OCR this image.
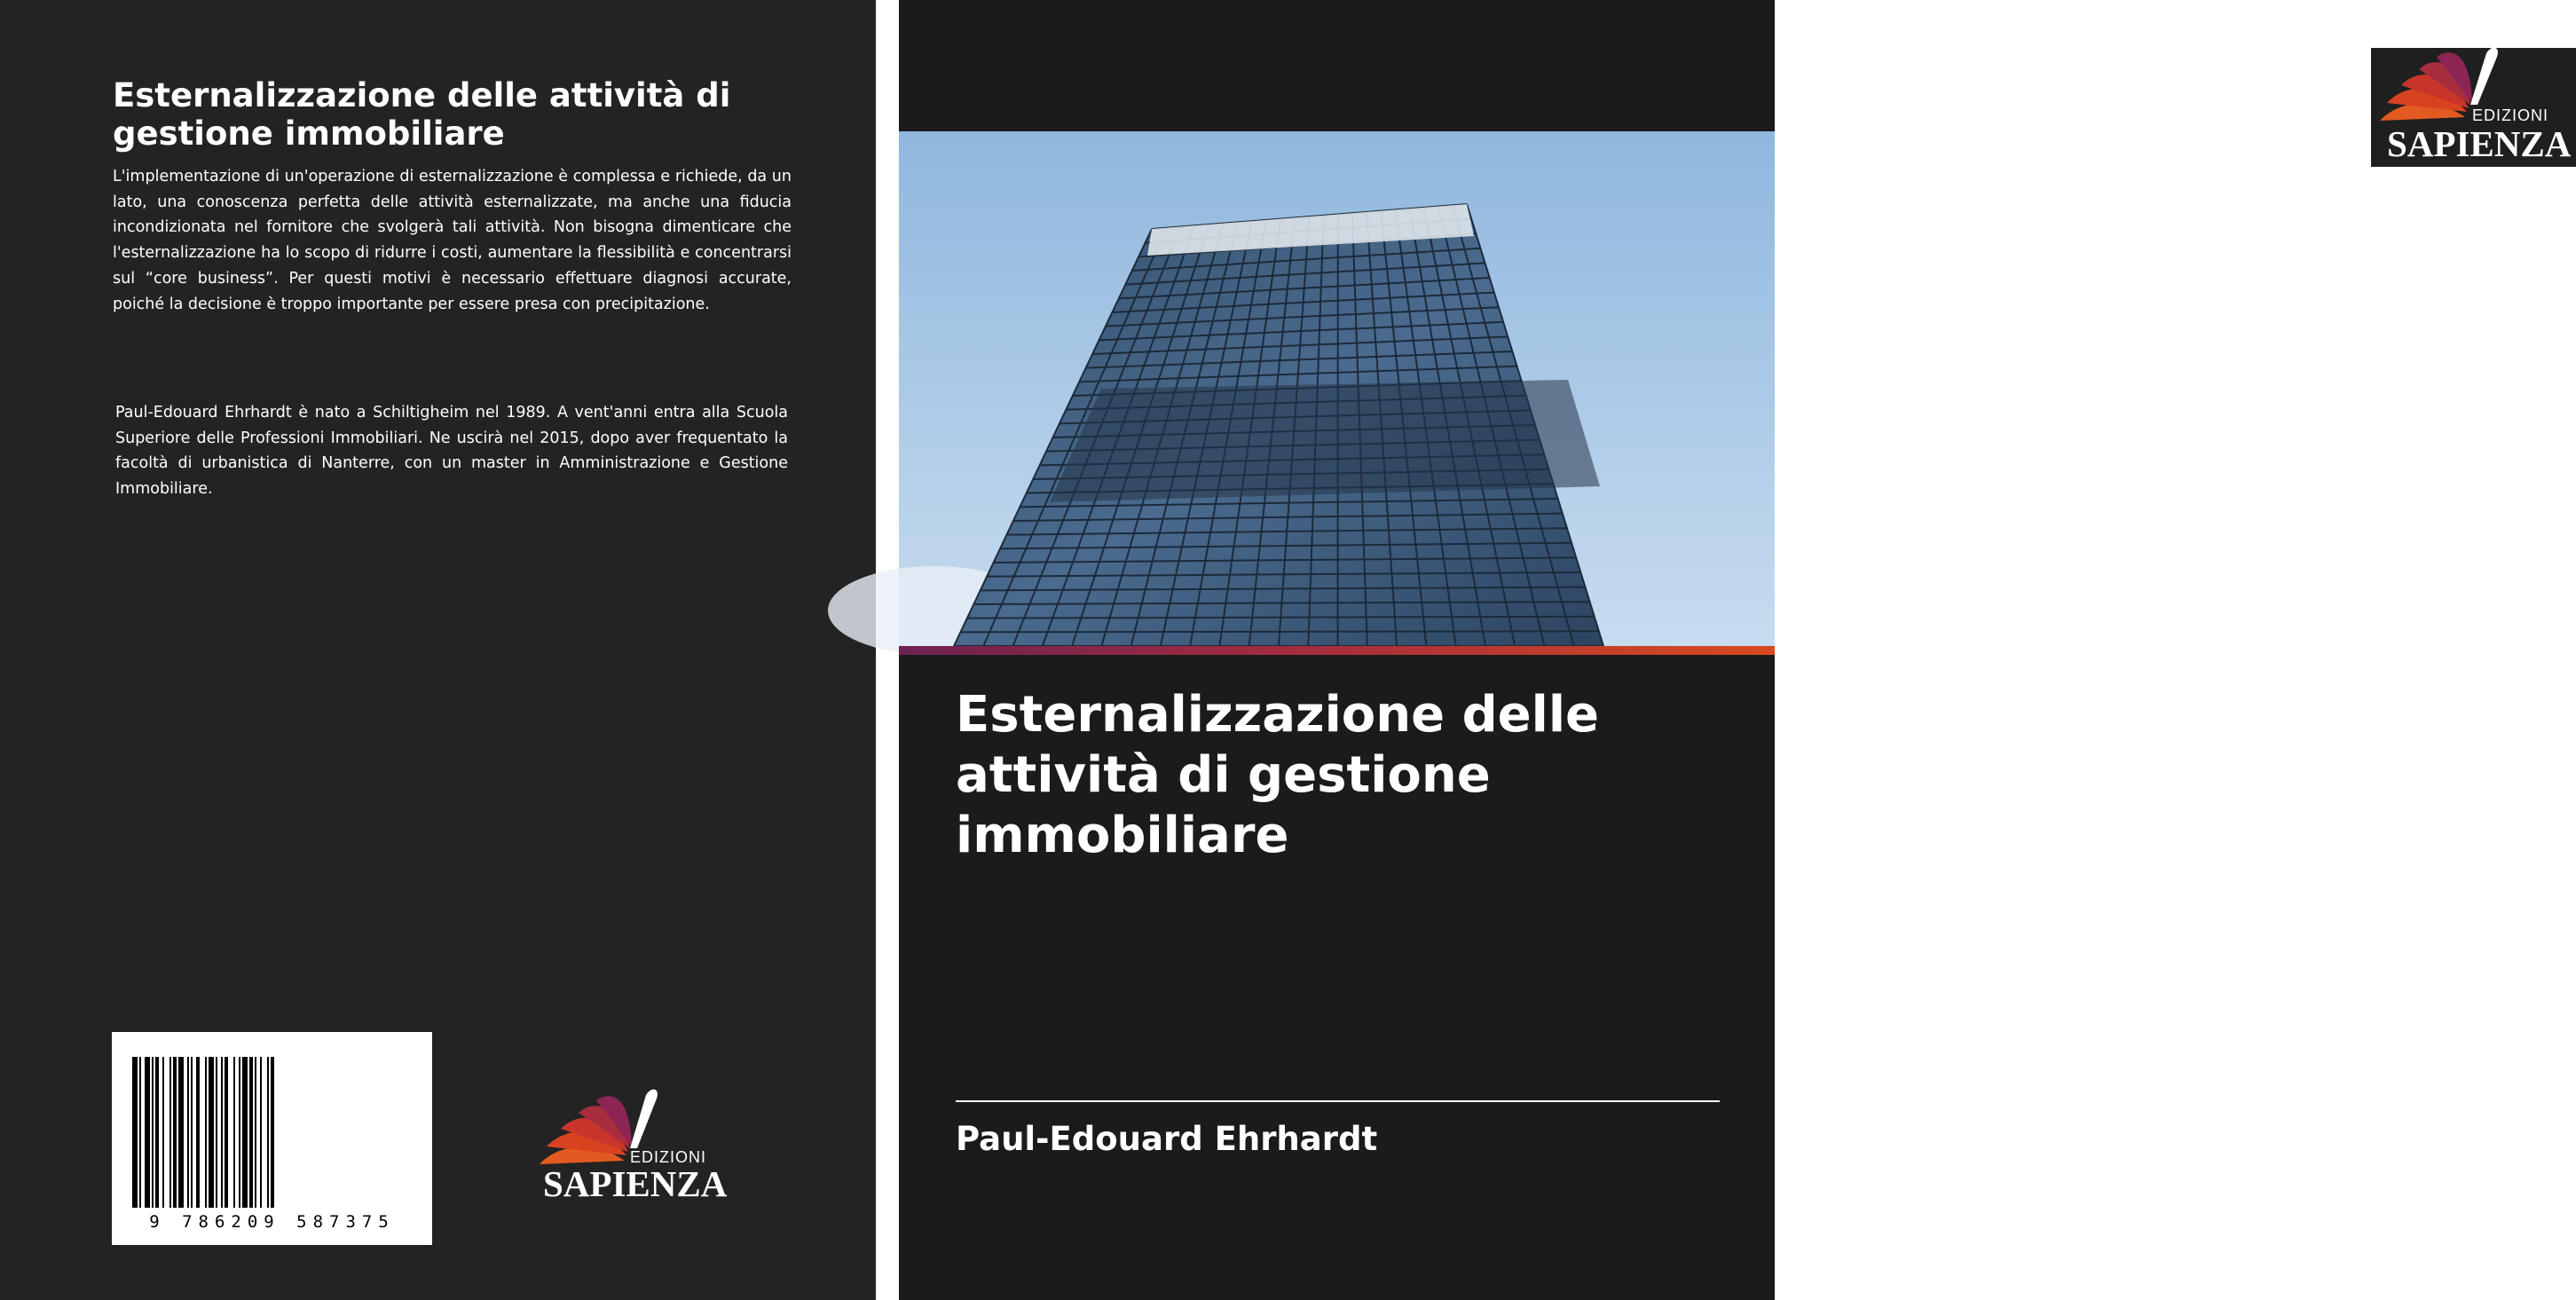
Esternalizzazione delle attività di gestione immobiliare

L'implementazione di un'operazione di esternalizzazione è complessa e richiede, da un lato, una conoscenza perfetta delle attività esternalizzate, ma anche una fiducia incondizionata nel fornitore che svolgerà tali attività. Non bisogna dimenticare che l'esternalizzazione ha lo scopo di ridurre i costi, aumentare la flessibilità e concentrarsi sul “core business”. Per questi motivi è necessario effettuare diagnosi accurate, poiché la decisione è troppo importante per essere presa con precipitazione.

Paul-Edouard Ehrhardt è nato a Schiltigheim nel 1989. A vent'anni entra alla Scuola Superiore delle Professioni Immobiliari. Ne uscirà nel 2015, dopo aver frequentato la facoltà di urbanistica di Nanterre, con un master in Amministrazione e Gestione Immobiliare.

9 786209 587375
EDIZIONI
SAPIENZA
EDIZIONI
SAPIENZA
Esternalizzazione delle attività di gestione immobiliare
Paul-Edouard Ehrhardt
